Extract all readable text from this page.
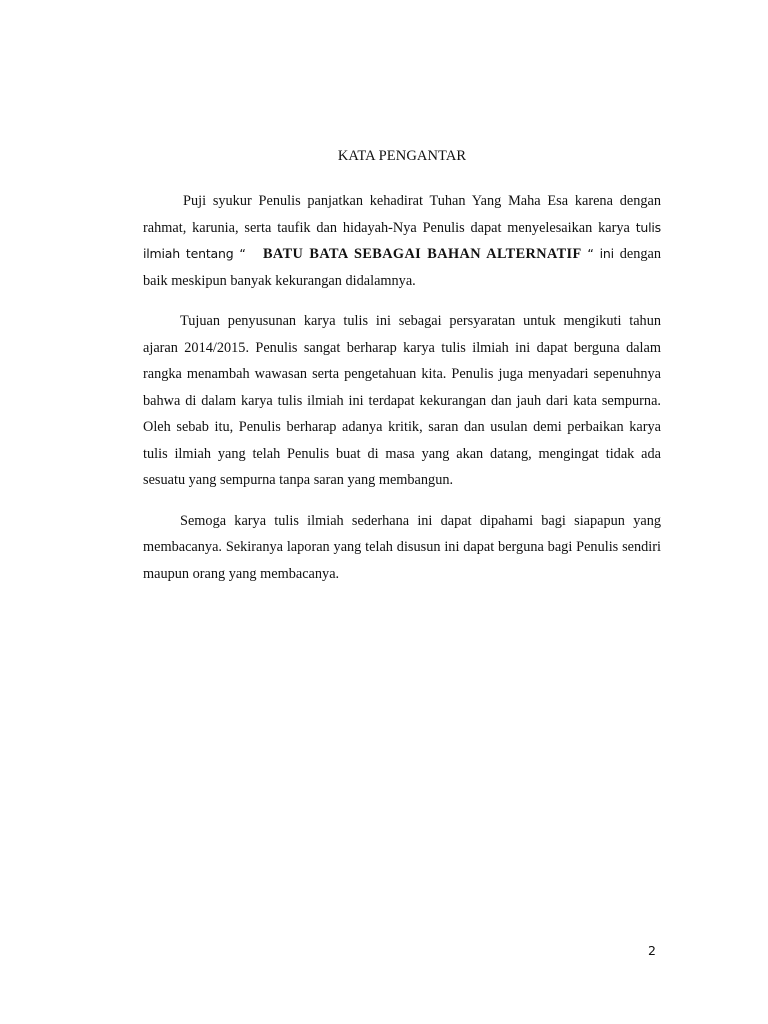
KATA PENGANTAR

Puji syukur Penulis panjatkan kehadirat Tuhan Yang Maha Esa karena dengan rahmat, karunia, serta taufik dan hidayah-Nya Penulis dapat menyelesaikan karya tulis ilmiah tentang “ BATU BATA SEBAGAI BAHAN ALTERNATIF “ ini dengan baik meskipun banyak kekurangan didalamnya.

Tujuan penyusunan karya tulis ini sebagai persyaratan untuk mengikuti tahun ajaran 2014/2015. Penulis sangat berharap karya tulis ilmiah ini dapat berguna dalam rangka menambah wawasan serta pengetahuan kita. Penulis juga menyadari sepenuhnya bahwa di dalam karya tulis ilmiah ini terdapat kekurangan dan jauh dari kata sempurna. Oleh sebab itu, Penulis berharap adanya kritik, saran dan usulan demi perbaikan karya tulis ilmiah yang telah Penulis buat di masa yang akan datang, mengingat tidak ada sesuatu yang sempurna tanpa saran yang membangun.

Semoga karya tulis ilmiah sederhana ini dapat dipahami bagi siapapun yang membacanya. Sekiranya laporan yang telah disusun ini dapat berguna bagi Penulis sendiri maupun orang yang membacanya.

2
